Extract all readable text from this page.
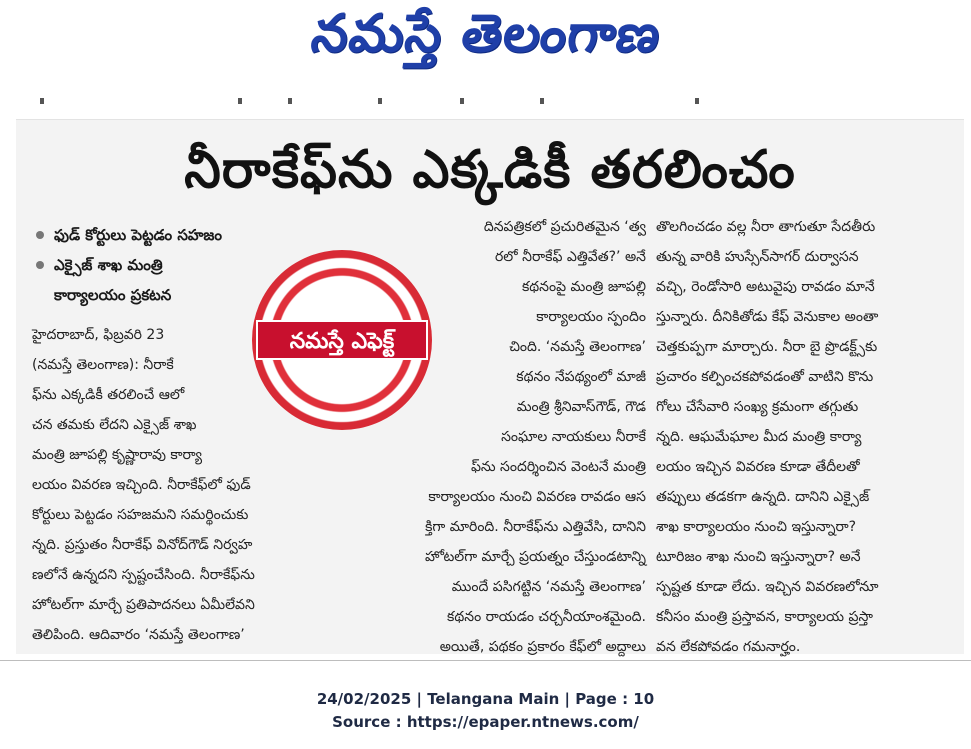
నమస్తే తెలంగాణ
నీరాకేఫ్‌ను ఎక్కడికీ తరలించం
ఫుడ్ కోర్టులు పెట్టడం సహజం
ఎక్సైజ్ శాఖ మంత్రి
కార్యాలయం ప్రకటన
నమస్తే ఎఫెక్ట్
హైదరాబాద్, ఫిబ్రవరి 23
(నమస్తే తెలంగాణ): నీరాకే
ఫ్‌ను ఎక్కడికీ తరలించే ఆలో
చన తమకు లేదని ఎక్సైజ్ శాఖ
మంత్రి జూపల్లి కృష్ణారావు కార్యా
లయం వివరణ ఇచ్చింది. నీరాకేఫ్‌లో ఫుడ్
కోర్టులు పెట్టడం సహజమని సమర్థించుకు
న్నది. ప్రస్తుతం నీరాకేఫ్ వినోద్‌గౌడ్ నిర్వహ
ణలోనే ఉన్నదని స్పష్టంచేసింది. నీరాకేఫ్‌ను
హోటల్‌గా మార్చే ప్రతిపాదనలు ఏమీలేవని
తెలిపింది. ఆదివారం ‘నమస్తే తెలంగాణ’
దినపత్రికలో ప్రచురితమైన ‘త్వ
రలో నీరాకేఫ్ ఎత్తివేత?’ అనే
కథనంపై మంత్రి జూపల్లి
కార్యాలయం స్పందిం
చింది. ‘నమస్తే తెలంగాణ’
కథనం నేపథ్యంలో మాజీ
మంత్రి శ్రీనివాస్‌గౌడ్, గౌడ
సంఘాల నాయకులు నీరాకే
ఫ్‌ను సందర్శించిన వెంటనే మంత్రి
కార్యాలయం నుంచి వివరణ రావడం ఆస
క్తిగా మారింది. నీరాకేఫ్‌ను ఎత్తివేసి, దానిని
హోటల్‌గా మార్చే ప్రయత్నం చేస్తుండటాన్ని
ముందే పసిగట్టిన ‘నమస్తే తెలంగాణ’
కథనం రాయడం చర్చనీయాంశమైంది.
అయితే, పథకం ప్రకారం కేఫ్‌లో అద్దాలు
తొలగించడం వల్ల నీరా తాగుతూ సేదతీరు
తున్న వారికి హుస్సేన్‌సాగర్ దుర్వాసన
వచ్చి, రెండోసారి అటువైపు రావడం మానే
స్తున్నారు. దీనికితోడు కేఫ్ వెనుకాల అంతా
చెత్తకుప్పగా మార్చారు. నీరా బై ప్రొడక్ట్స్‌కు
ప్రచారం కల్పించకపోవడంతో వాటిని కొను
గోలు చేసేవారి సంఖ్య క్రమంగా తగ్గుతు
న్నది. ఆఘమేఘాల మీద మంత్రి కార్యా
లయం ఇచ్చిన వివరణ కూడా తేదీలతో
తప్పులు తడకగా ఉన్నది. దానిని ఎక్సైజ్
శాఖ కార్యాలయం నుంచి ఇస్తున్నారా?
టూరిజం శాఖ నుంచి ఇస్తున్నారా? అనే
స్పష్టత కూడా లేదు. ఇచ్చిన వివరణలోనూ
కనీసం మంత్రి ప్రస్తావన, కార్యాలయ ప్రస్తా
వన లేకపోవడం గమనార్హం.
24/02/2025 | Telangana Main | Page : 10
Source : https://epaper.ntnews.com/
